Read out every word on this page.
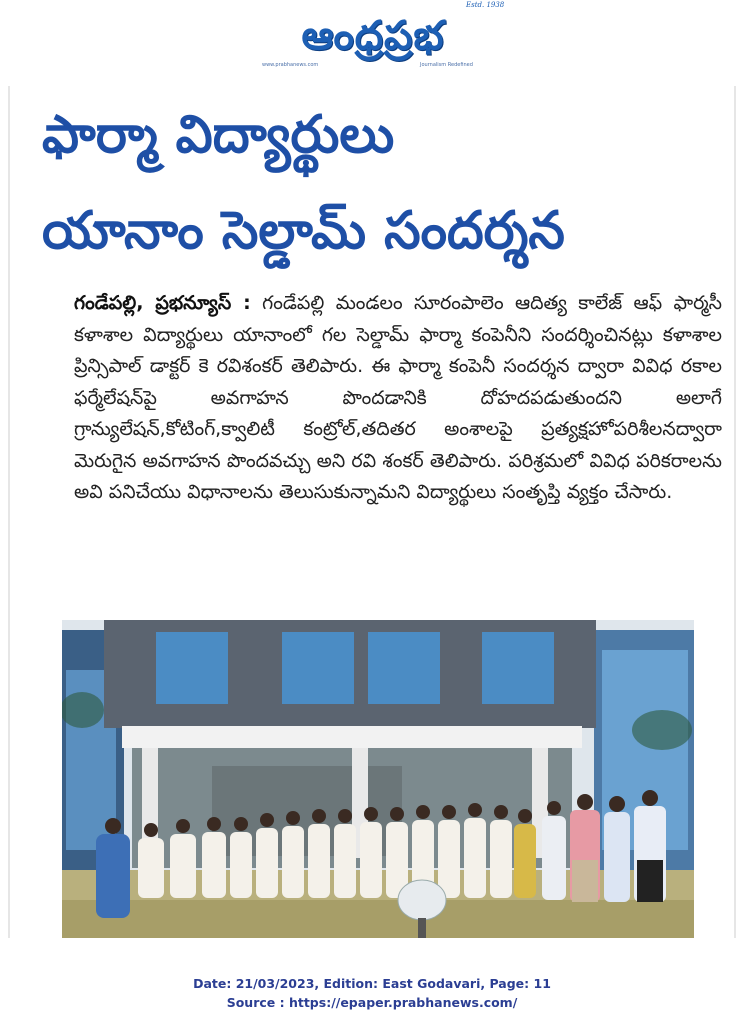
ఆంధ్రప్రభ
Estd. 1938
www.prabhanews.com	Journalism Redefined
ఫార్మా విద్యార్థులు
యానాం సెల్డామ్ సందర్శన

గండేపల్లి, ప్రభన్యూస్ : గండేపల్లి మండలం సూరంపాలెం ఆదిత్య కాలేజ్ ఆఫ్ ఫార్మసీ కళాశాల విద్యార్థులు యానాంలో గల సెల్డామ్ ఫార్మా కంపెనీని సందర్శించినట్లు కళాశాల ప్రిన్సిపాల్ డాక్టర్ కె రవిశంకర్ తెలిపారు. ఈ ఫార్మా కంపెనీ సందర్శన ద్వారా వివిధ రకాల ఫర్మేలేషన్‌పై అవగాహన పొందడానికి దోహదపడుతుందని అలాగే గ్రాన్యులేషన్,కోటింగ్,క్వాలిటీ కంట్రోల్,తదితర అంశాలపై ప్రత్యక్షహోపరిశీలనద్వారా మెరుగైన అవగాహన పొందవచ్చు అని రవి శంకర్ తెలిపారు. పరిశ్రమలో వివిధ పరికరాలను అవి పనిచేయు విధానాలను తెలుసుకున్నామని విద్యార్థులు సంతృప్తి వ్యక్తం చేసారు.

Date: 21/03/2023, Edition: East Godavari, Page: 11
Source : https://epaper.prabhanews.com/
